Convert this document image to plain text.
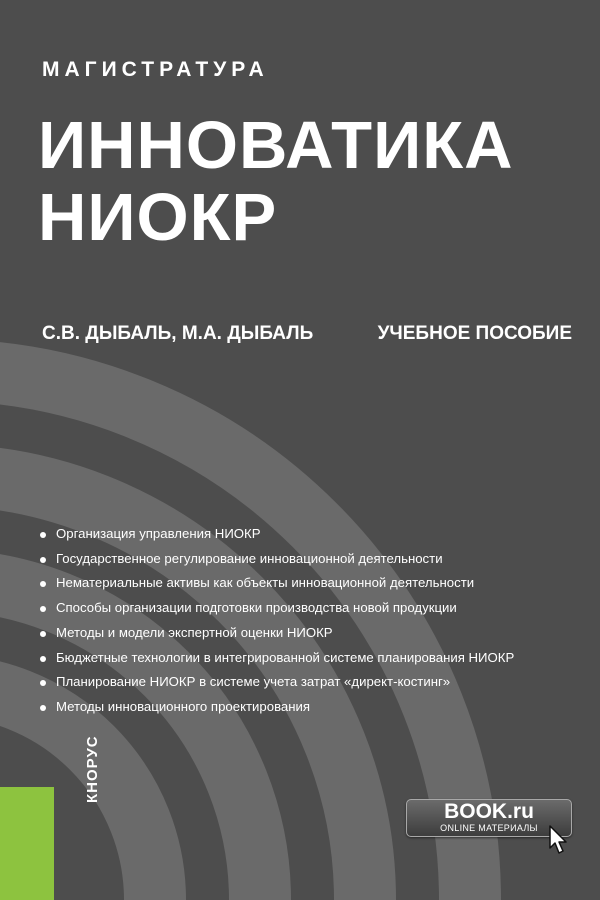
МАГИСТРАТУРА
ИННОВАТИКА
НИОКР
С.В. ДЫБАЛЬ, М.А. ДЫБАЛЬ	УЧЕБНОЕ ПОСОБИЕ
Организация управления НИОКР
Государственное регулирование инновационной деятельности
Нематериальные активы как объекты инновационной деятельности
Способы организации подготовки производства новой продукции
Методы и модели экспертной оценки НИОКР
Бюджетные технологии в интегрированной системе планирования НИОКР
Планирование НИОКР в системе учета затрат «директ-костинг»
Методы инновационного проектирования
КНОРУС
BOOK.ru
ONLINE МАТЕРИАЛЫ
